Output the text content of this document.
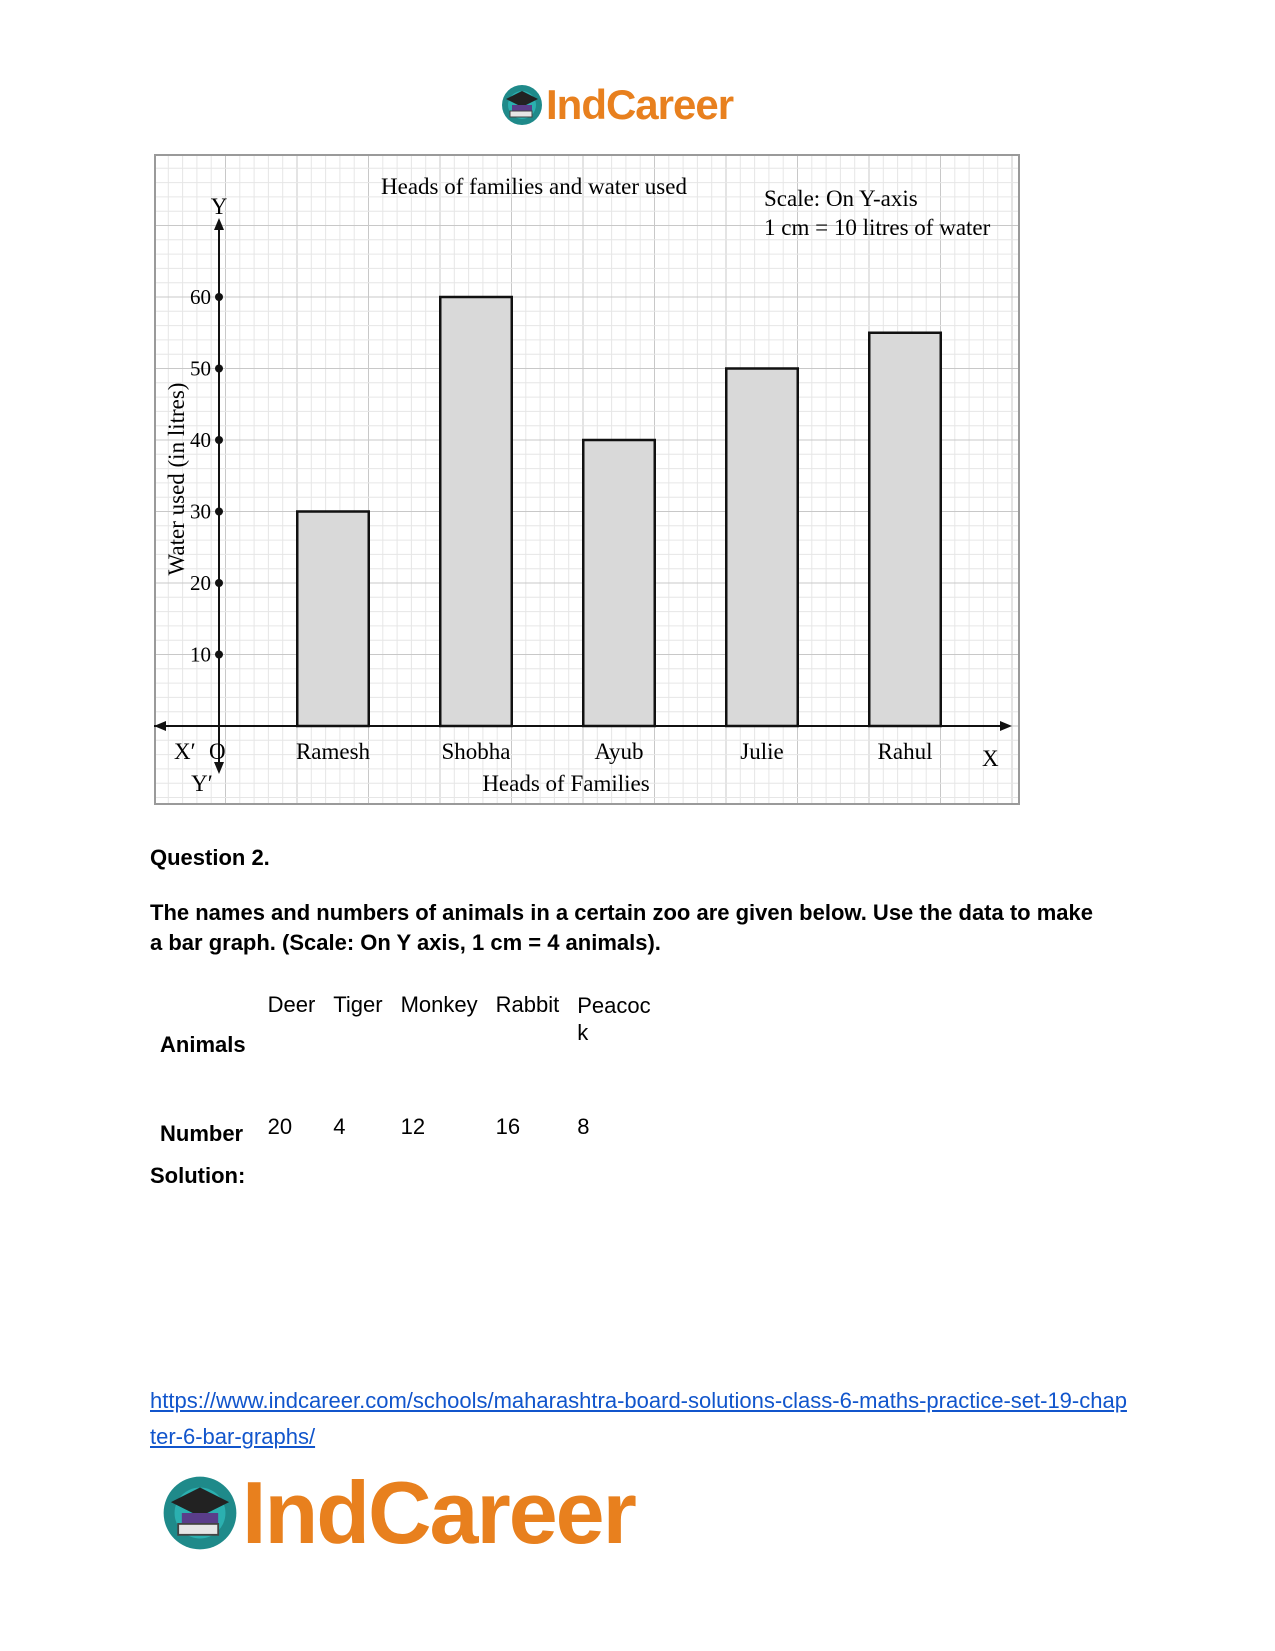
IndCareer
Heads of families and water used	Scale: On Y-axis
1 cm = 10 litres of water
10
20
30
40
50
60
Ramesh	Shobha	Ayub	Julie	Rahul
Y
Y′
X′ O	X
Heads of Families
Water used (in litres)
Question 2.
The names and numbers of animals in a certain zoo are given below. Use the data to make a bar graph. (Scale: On Y axis, 1 cm = 4 animals).
Animals	Deer	Tiger	Monkey	Rabbit	Peacock

Number	20	4	12	16	8
Solution:
https://www.indcareer.com/schools/maharashtra-board-solutions-class-6-maths-practice-set-19-chapter-6-bar-graphs/
IndCareer
